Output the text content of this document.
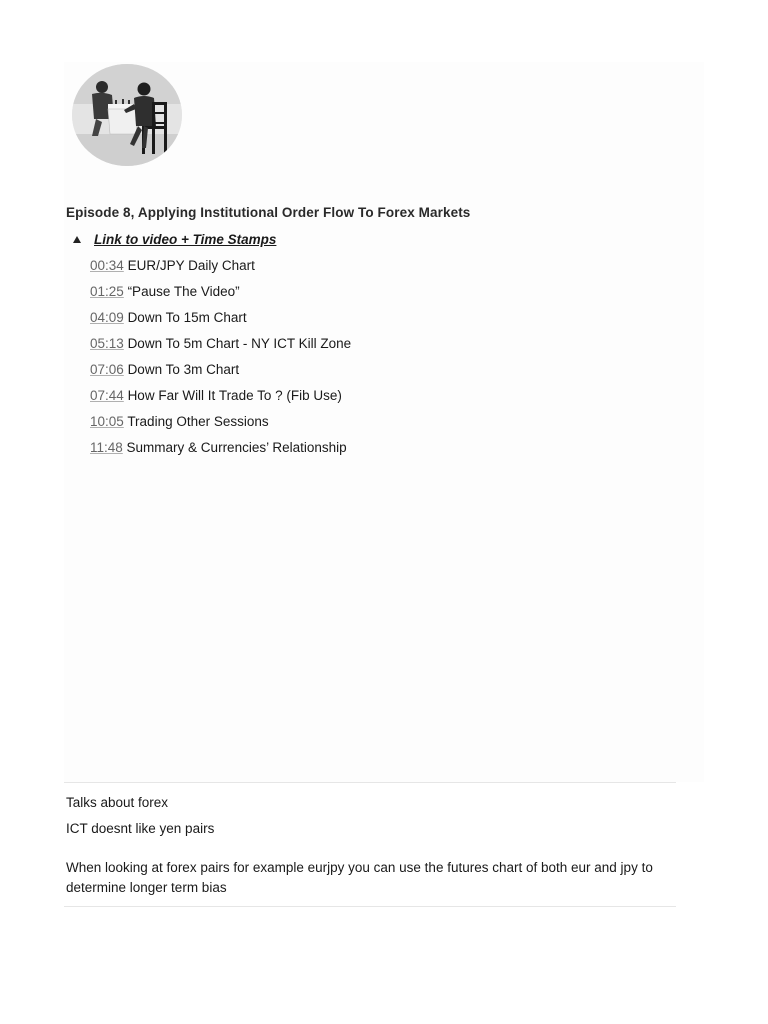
Episode 8, Applying Institutional Order Flow To Forex Markets
Link to video + Time Stamps
00:34 EUR/JPY Daily Chart
01:25 “Pause The Video”
04:09 Down To 15m Chart
05:13 Down To 5m Chart - NY ICT Kill Zone
07:06 Down To 3m Chart
07:44 How Far Will It Trade To ? (Fib Use)
10:05 Trading Other Sessions
11:48 Summary & Currencies’ Relationship
Talks about forex
ICT doesnt like yen pairs
When looking at forex pairs for example eurjpy you can use the futures chart of both eur and jpy to determine longer term bias
